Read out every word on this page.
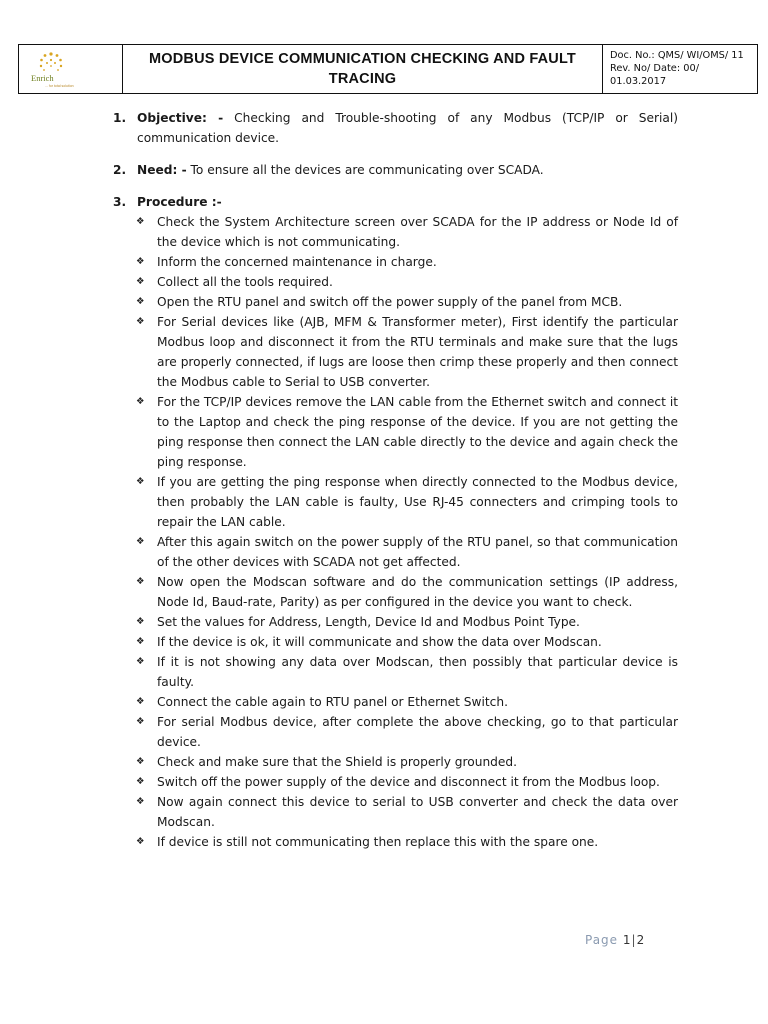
Enrich
... for total solution
MODBUS DEVICE COMMUNICATION CHECKING AND FAULT TRACING
Doc. No.: QMS/ WI/OMS/ 11
Rev. No/ Date: 00/ 01.03.2017
1. Objective: - Checking and Trouble-shooting of any Modbus (TCP/IP or Serial) communication device.
2. Need: - To ensure all the devices are communicating over SCADA.
3. Procedure :-
❖ Check the System Architecture screen over SCADA for the IP address or Node Id of the device which is not communicating.
❖ Inform the concerned maintenance in charge.
❖ Collect all the tools required.
❖ Open the RTU panel and switch off the power supply of the panel from MCB.
❖ For Serial devices like (AJB, MFM & Transformer meter), First identify the particular Modbus loop and disconnect it from the RTU terminals and make sure that the lugs are properly connected, if lugs are loose then crimp these properly and then connect the Modbus cable to Serial to USB converter.
❖ For the TCP/IP devices remove the LAN cable from the Ethernet switch and connect it to the Laptop and check the ping response of the device. If you are not getting the ping response then connect the LAN cable directly to the device and again check the ping response.
❖ If you are getting the ping response when directly connected to the Modbus device, then probably the LAN cable is faulty, Use RJ-45 connecters and crimping tools to repair the LAN cable.
❖ After this again switch on the power supply of the RTU panel, so that communication of the other devices with SCADA not get affected.
❖ Now open the Modscan software and do the communication settings (IP address, Node Id, Baud-rate, Parity) as per configured in the device you want to check.
❖ Set the values for Address, Length, Device Id and Modbus Point Type.
❖ If the device is ok, it will communicate and show the data over Modscan.
❖ If it is not showing any data over Modscan, then possibly that particular device is faulty.
❖ Connect the cable again to RTU panel or Ethernet Switch.
❖ For serial Modbus device, after complete the above checking, go to that particular device.
❖ Check and make sure that the Shield is properly grounded.
❖ Switch off the power supply of the device and disconnect it from the Modbus loop.
❖ Now again connect this device to serial to USB converter and check the data over Modscan.
❖ If device is still not communicating then replace this with the spare one.
Page 1|2
